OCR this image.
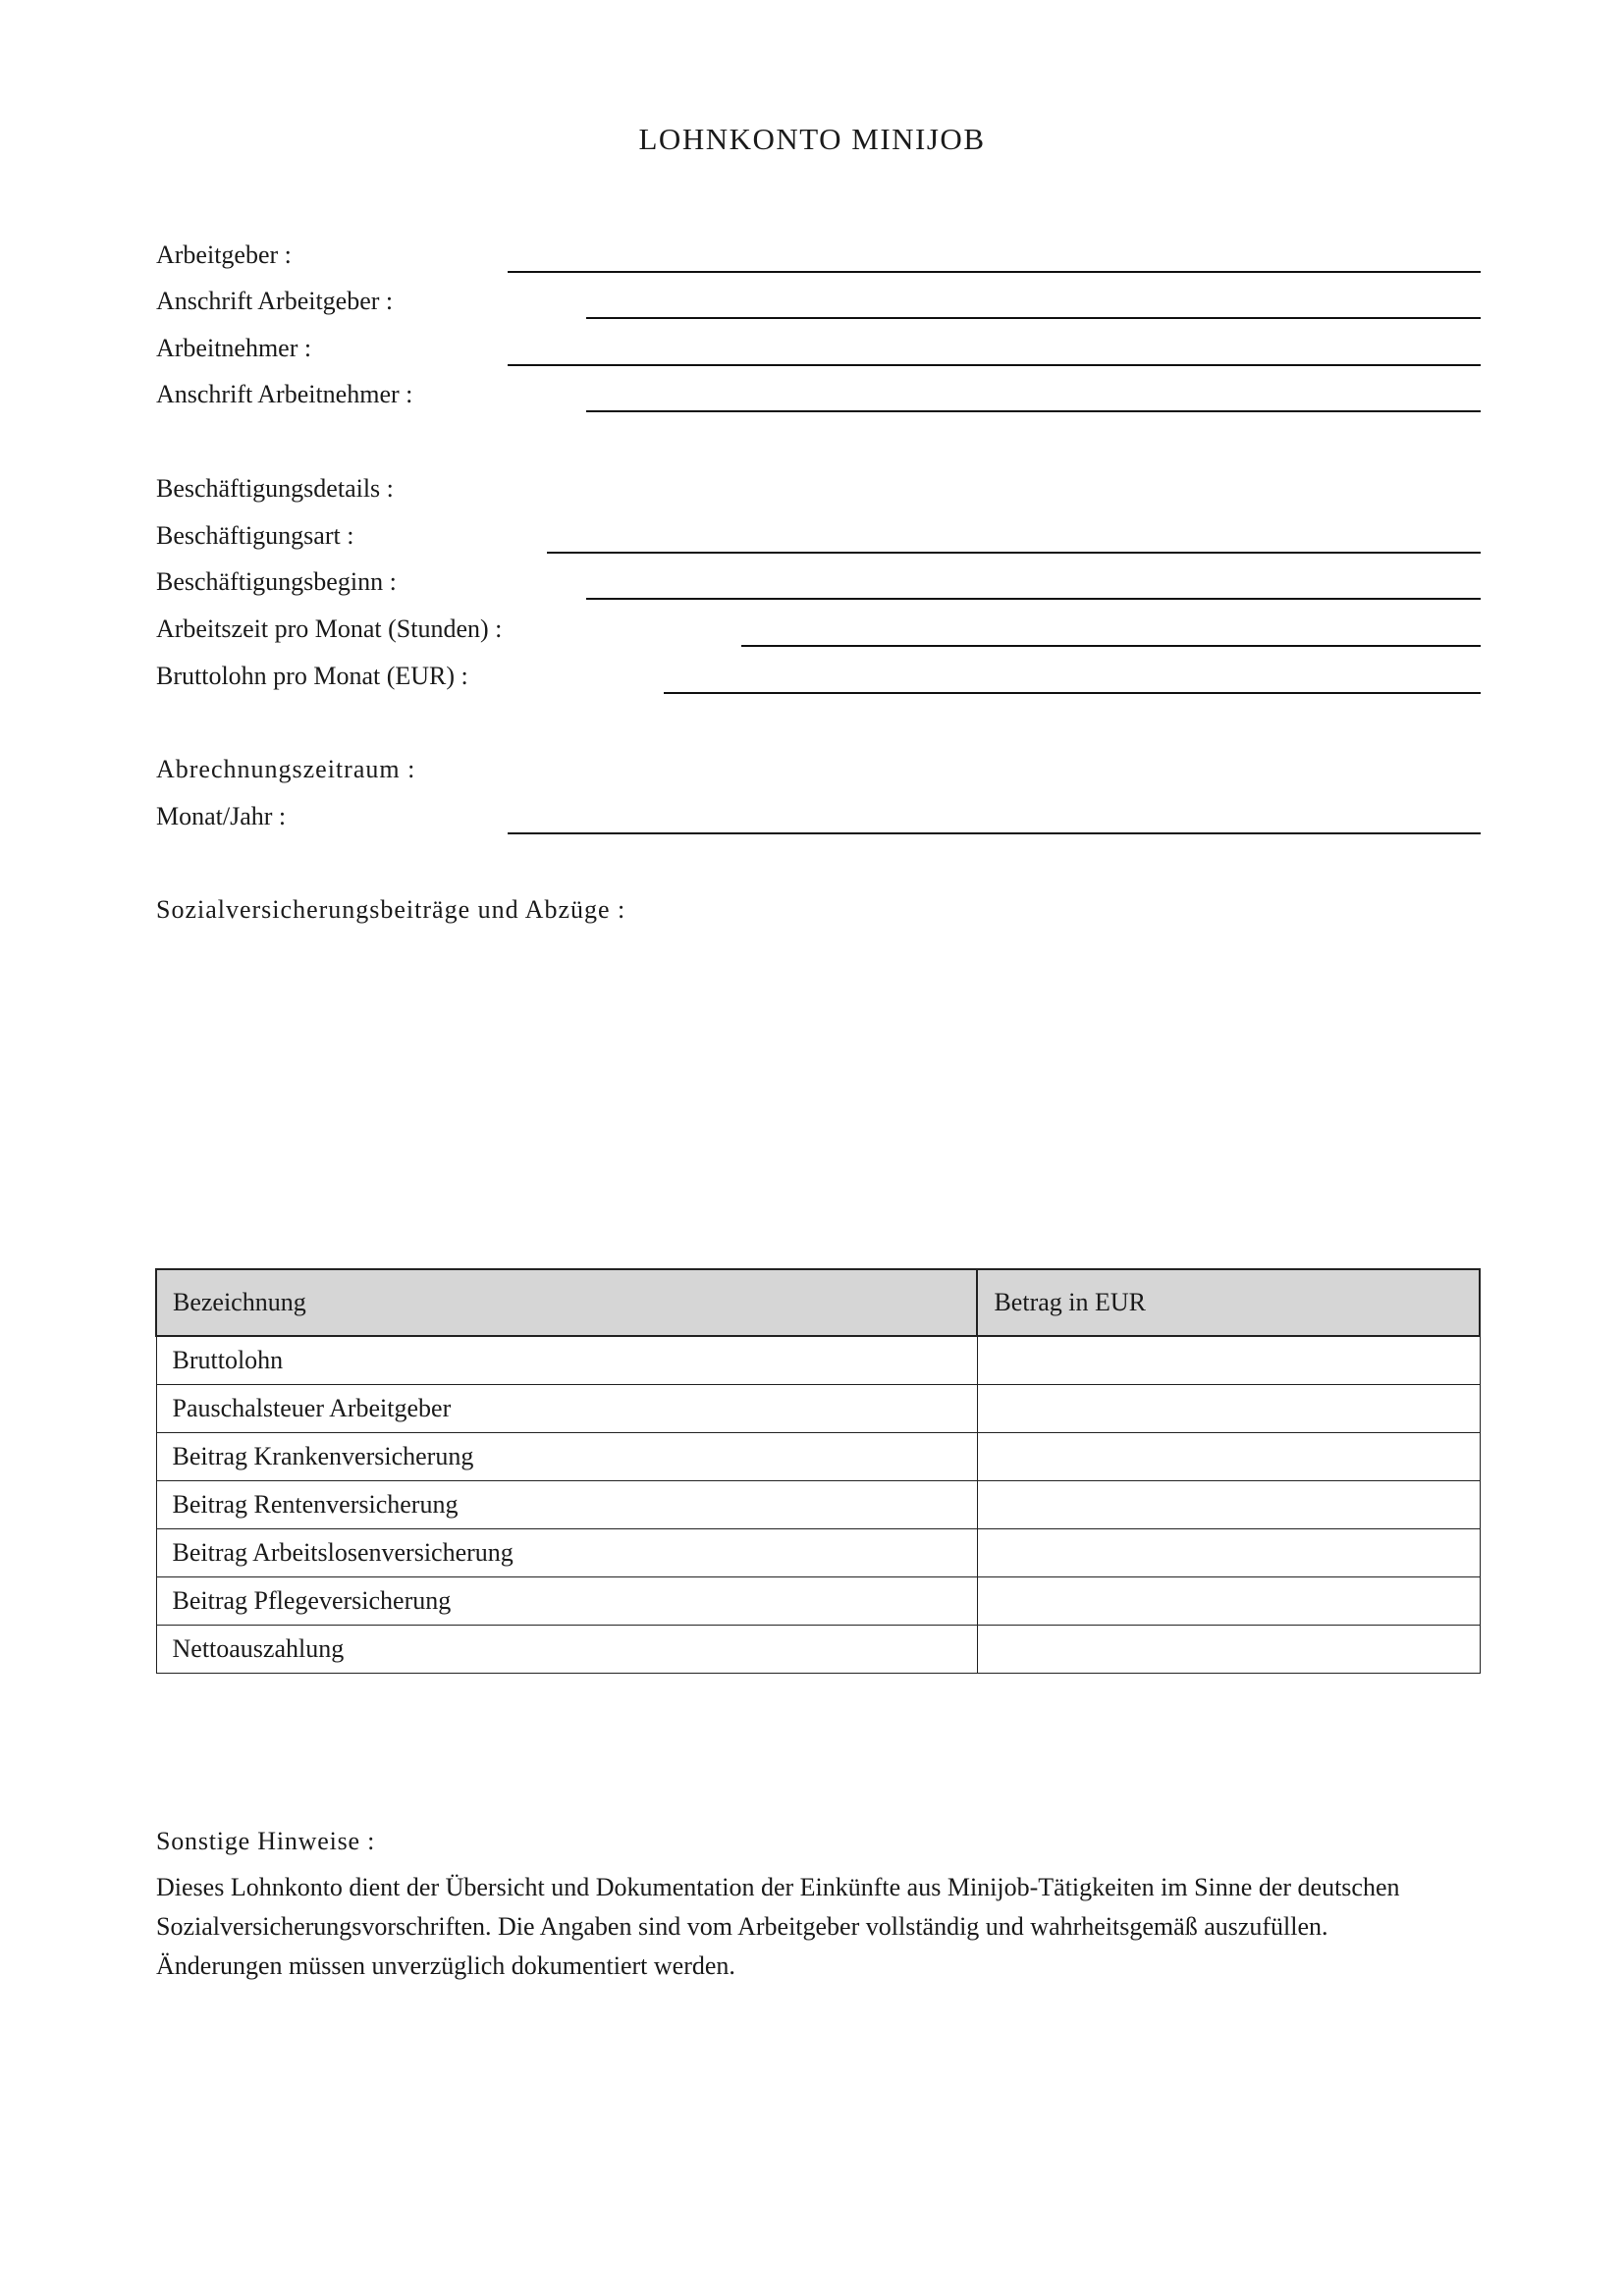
LOHNKONTO MINIJOB
Arbeitgeber :
Anschrift Arbeitgeber :
Arbeitnehmer :
Anschrift Arbeitnehmer :
Beschäftigungsdetails :
Beschäftigungsart :
Beschäftigungsbeginn :
Arbeitszeit pro Monat (Stunden) :
Bruttolohn pro Monat (EUR) :
Abrechnungszeitraum :
Monat/Jahr :
Sozialversicherungsbeiträge und Abzüge :
Bezeichnung	Betrag in EUR
Bruttolohn	
Pauschalsteuer Arbeitgeber	
Beitrag Krankenversicherung	
Beitrag Rentenversicherung	
Beitrag Arbeitslosenversicherung	
Beitrag Pflegeversicherung	
Nettoauszahlung	
Sonstige Hinweise :
Dieses Lohnkonto dient der Übersicht und Dokumentation der Einkünfte aus Minijob-Tätigkeiten im Sinne der deutschen Sozialversicherungsvorschriften. Die Angaben sind vom Arbeitgeber vollständig und wahrheitsgemäß auszufüllen. Änderungen müssen unverzüglich dokumentiert werden.
